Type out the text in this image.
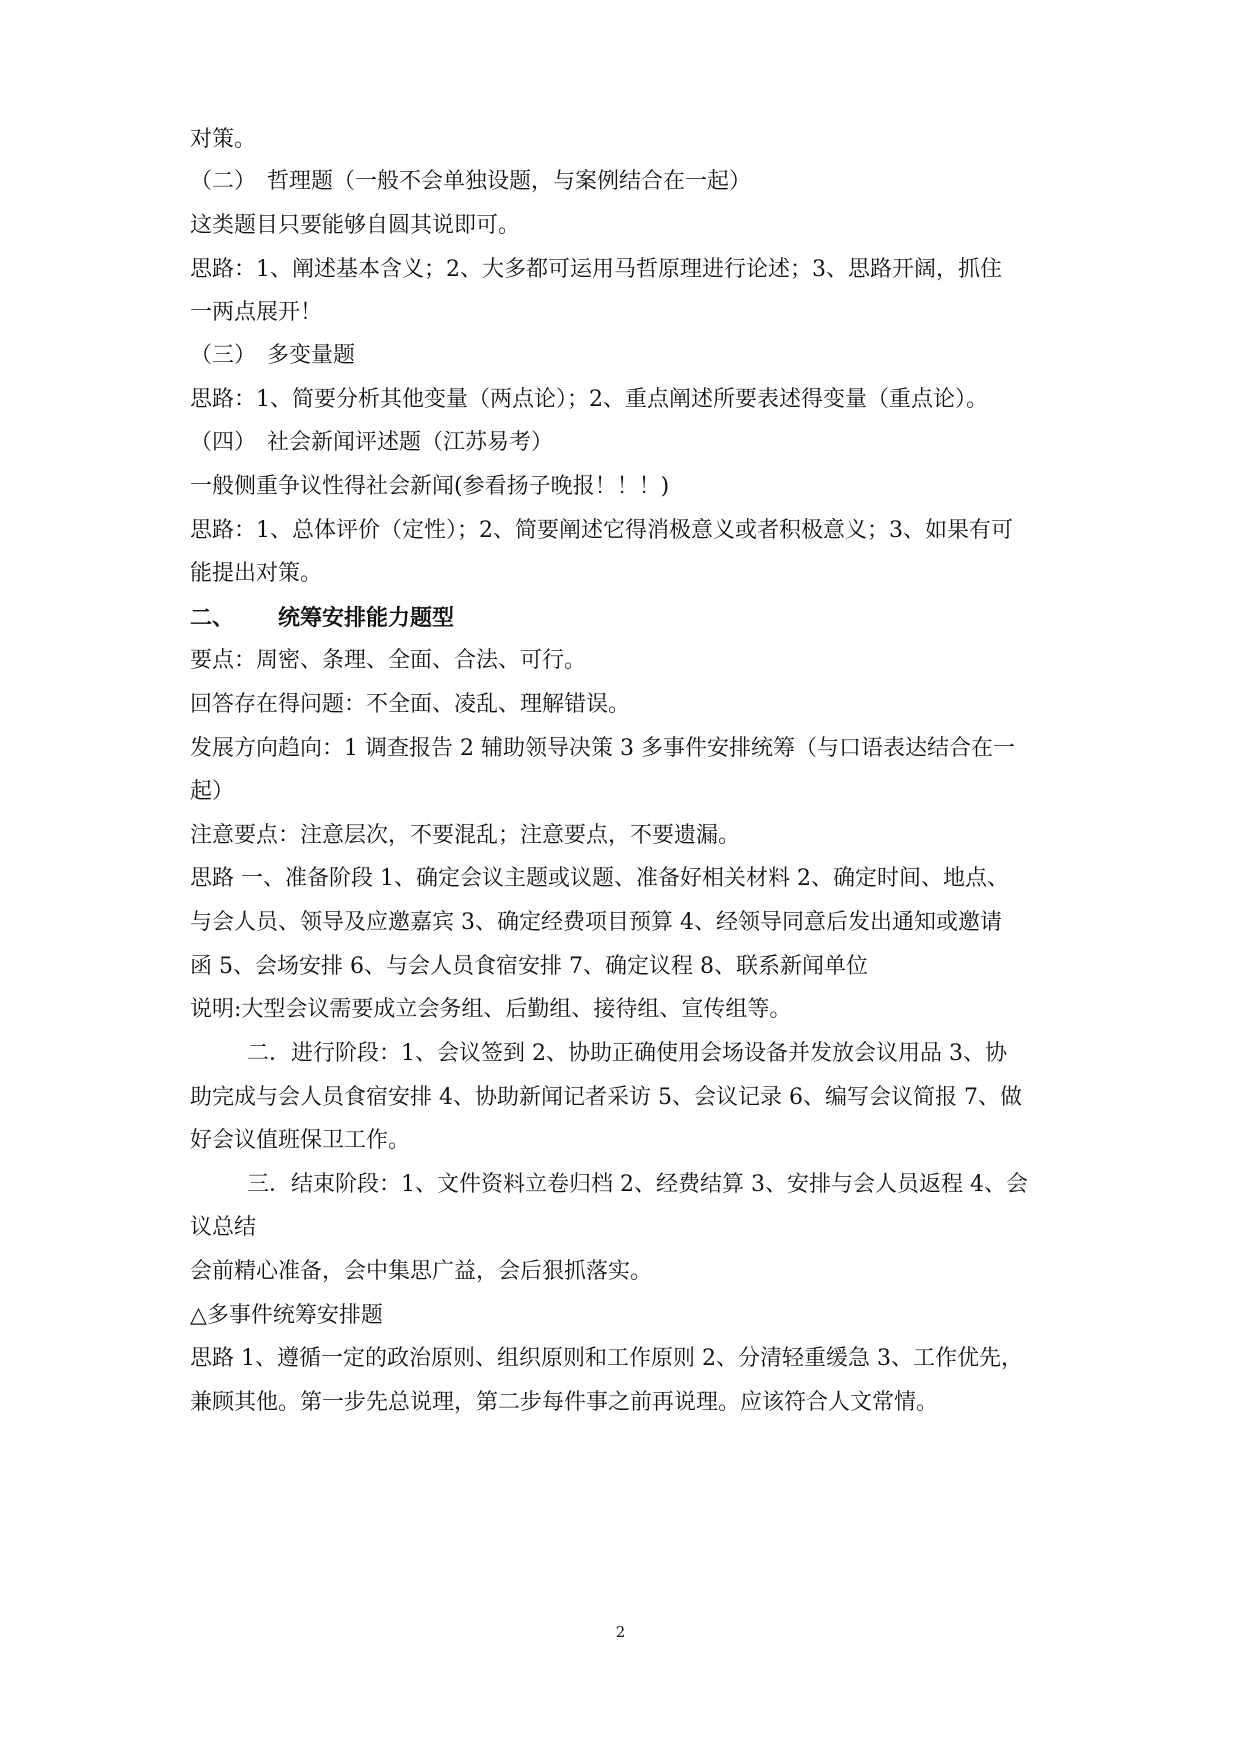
对策。
（二）　哲理题（一般不会单独设题，与案例结合在一起）
这类题目只要能够自圆其说即可。
思路：1、阐述基本含义；2、大多都可运用马哲原理进行论述；3、思路开阔，抓住
一两点展开！
（三）　多变量题
思路：1、简要分析其他变量（两点论）；2、重点阐述所要表述得变量（重点论）。
（四）　社会新闻评述题（江苏易考）
一般侧重争议性得社会新闻(参看扬子晚报！！！)
思路：1、总体评价（定性）；2、简要阐述它得消极意义或者积极意义；3、如果有可
能提出对策。
二、 统筹安排能力题型
要点：周密、条理、全面、合法、可行。
回答存在得问题：不全面、凌乱、理解错误。
发展方向趋向：1 调查报告 2 辅助领导决策 3 多事件安排统筹（与口语表达结合在一
起）
注意要点：注意层次，不要混乱；注意要点，不要遗漏。
思路 一、准备阶段 1、确定会议主题或议题、准备好相关材料 2、确定时间、地点、
与会人员、领导及应邀嘉宾 3、确定经费项目预算 4、经领导同意后发出通知或邀请
函 5、会场安排 6、与会人员食宿安排 7、确定议程 8、联系新闻单位
说明:大型会议需要成立会务组、后勤组、接待组、宣传组等。
二．进行阶段：1、会议签到 2、协助正确使用会场设备并发放会议用品 3、协
助完成与会人员食宿安排 4、协助新闻记者采访 5、会议记录 6、编写会议简报 7、做
好会议值班保卫工作。
三．结束阶段：1、文件资料立卷归档 2、经费结算 3、安排与会人员返程 4、会
议总结
会前精心准备，会中集思广益，会后狠抓落实。
△多事件统筹安排题
思路 1、遵循一定的政治原则、组织原则和工作原则 2、分清轻重缓急 3、工作优先，
兼顾其他。第一步先总说理，第二步每件事之前再说理。应该符合人文常情。
2
